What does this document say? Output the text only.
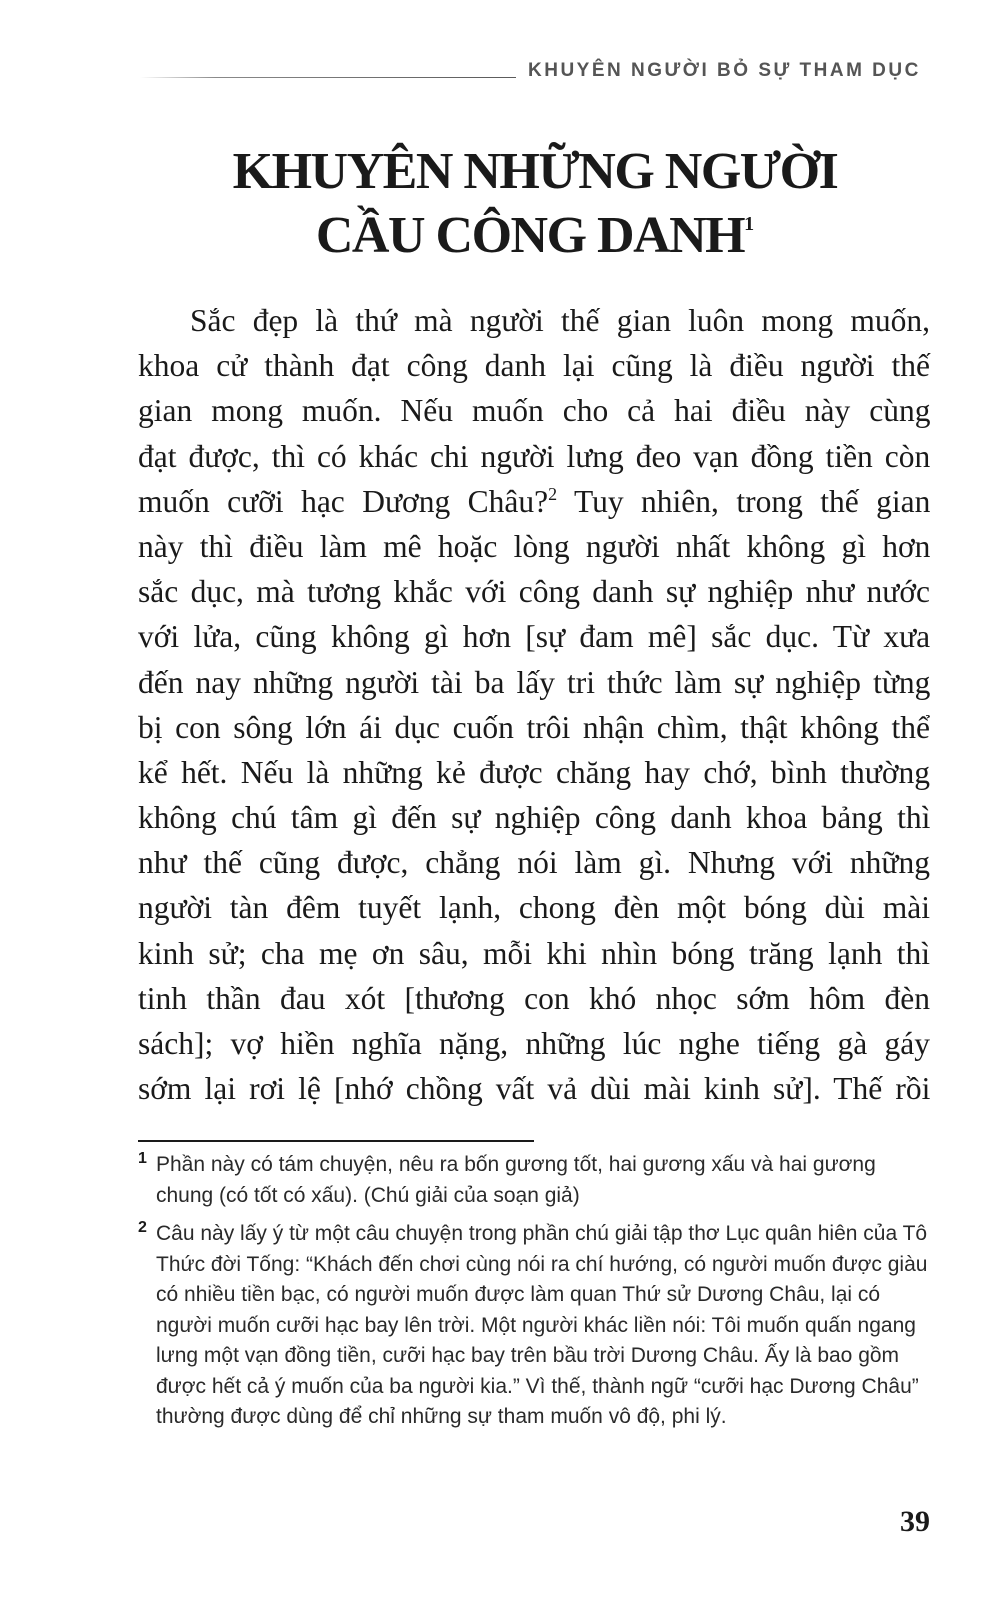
KHUYÊN NGƯỜI BỎ SỰ THAM DỤC
KHUYÊN NHỮNG NGƯỜI
CẦU CÔNG DANH$^1$
Sắc đẹp là thứ mà người thế gian luôn mong muốn,
khoa cử thành đạt công danh lại cũng là điều người thế
gian mong muốn. Nếu muốn cho cả hai điều này cùng
đạt được, thì có khác chi người lưng đeo vạn đồng tiền còn
muốn cưỡi hạc Dương Châu?$^2$ Tuy nhiên, trong thế gian
này thì điều làm mê hoặc lòng người nhất không gì hơn
sắc dục, mà tương khắc với công danh sự nghiệp như nước
với lửa, cũng không gì hơn [sự đam mê] sắc dục. Từ xưa
đến nay những người tài ba lấy tri thức làm sự nghiệp từng
bị con sông lớn ái dục cuốn trôi nhận chìm, thật không thể
kể hết. Nếu là những kẻ được chăng hay chớ, bình thường
không chú tâm gì đến sự nghiệp công danh khoa bảng thì
như thế cũng được, chẳng nói làm gì. Nhưng với những
người tàn đêm tuyết lạnh, chong đèn một bóng dùi mài
kinh sử; cha mẹ ơn sâu, mỗi khi nhìn bóng trăng lạnh thì
tinh thần đau xót [thương con khó nhọc sớm hôm đèn
sách]; vợ hiền nghĩa nặng, những lúc nghe tiếng gà gáy
sớm lại rơi lệ [nhớ chồng vất vả dùi mài kinh sử]. Thế rồi
1 Phần này có tám chuyện, nêu ra bốn gương tốt, hai gương xấu và hai gương chung (có tốt có xấu). (Chú giải của soạn giả)
2 Câu này lấy ý từ một câu chuyện trong phần chú giải tập thơ Lục quân hiên của Tô Thức đời Tống: “Khách đến chơi cùng nói ra chí hướng, có người muốn được giàu có nhiều tiền bạc, có người muốn được làm quan Thứ sử Dương Châu, lại có người muốn cưỡi hạc bay lên trời. Một người khác liền nói: Tôi muốn quấn ngang lưng một vạn đồng tiền, cưỡi hạc bay trên bầu trời Dương Châu. Ấy là bao gồm được hết cả ý muốn của ba người kia.” Vì thế, thành ngữ “cưỡi hạc Dương Châu” thường được dùng để chỉ những sự tham muốn vô độ, phi lý.
39
